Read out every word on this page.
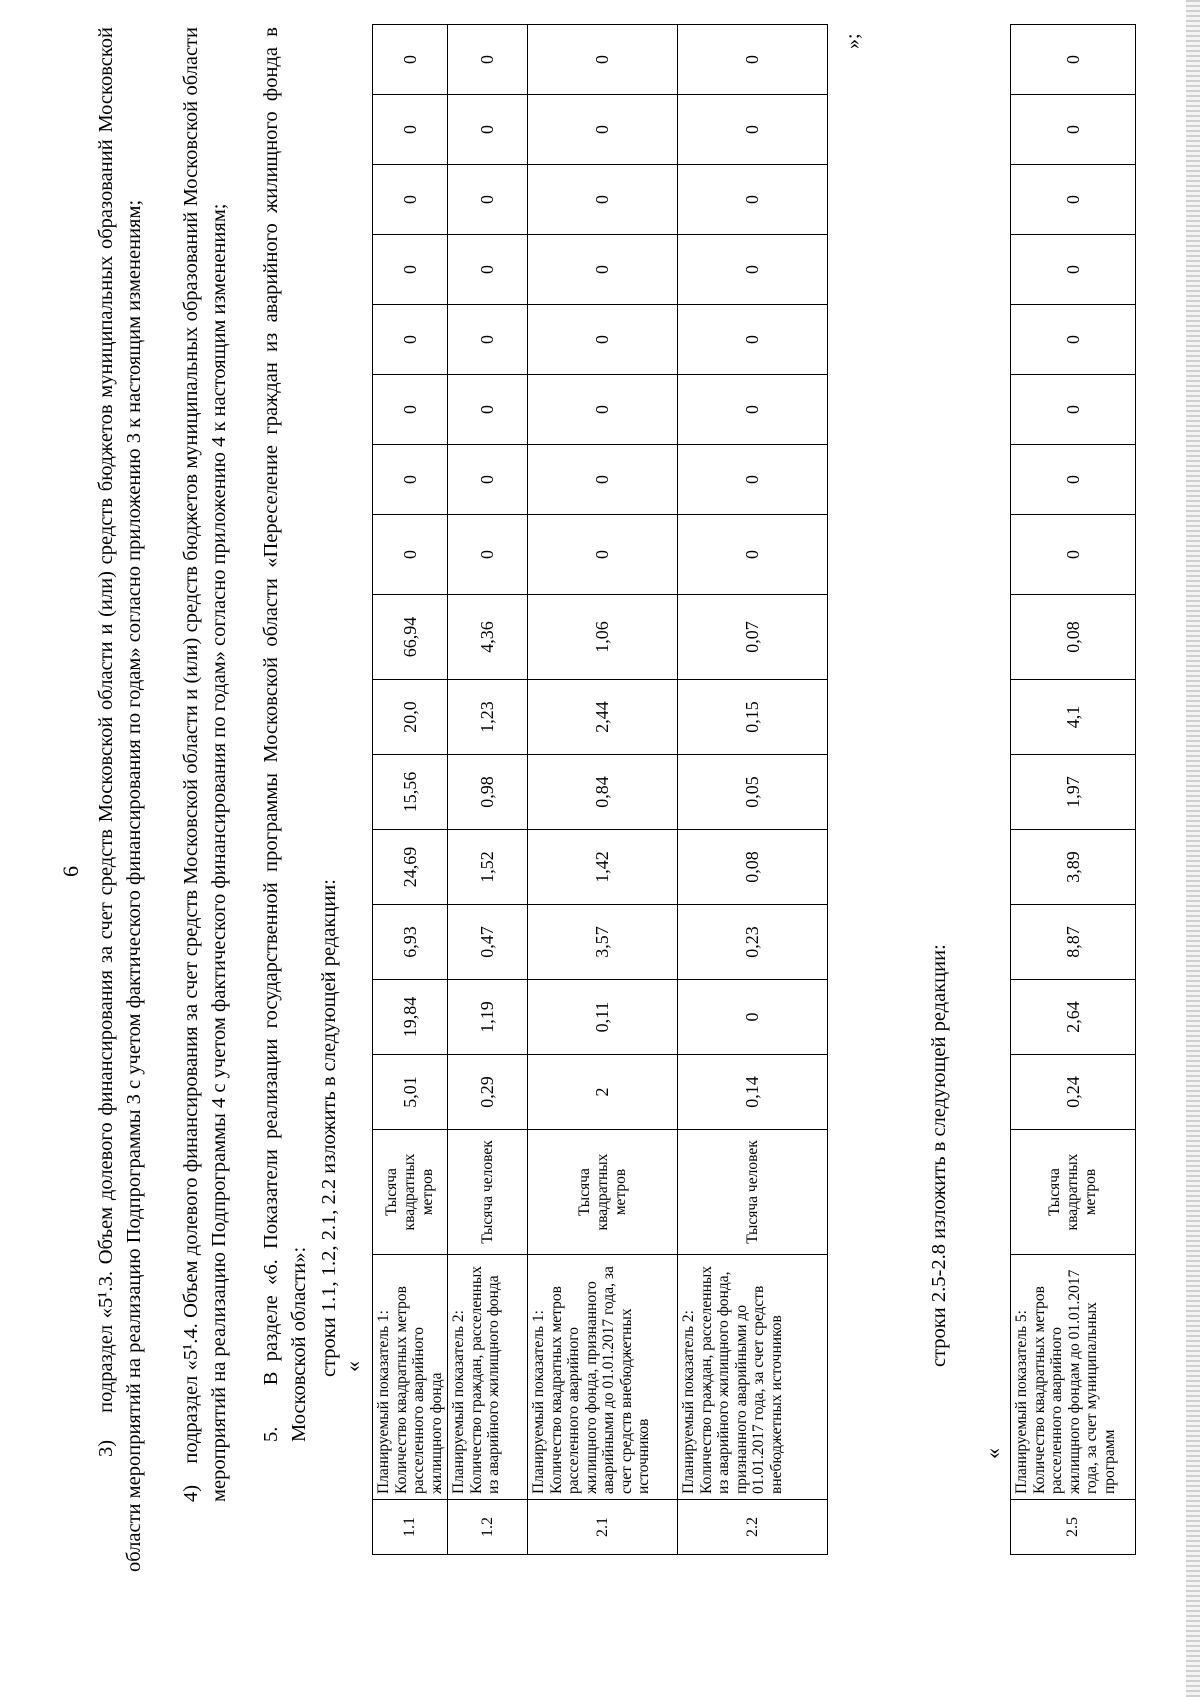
6 3)    подраздел «5¹.3. Объем долевого финансирования за счет средств Московской области и (или) средств бюджетов муниципальных образований Московской области мероприятий на реализацию Подпрограммы 3 с учетом фактического финансирования по годам» согласно приложению 3 к настоящим изменениям; 4)    подраздел «5¹.4. Объем долевого финансирования за счет средств Московской области и (или) средств бюджетов муниципальных образований Московской области мероприятий на реализацию Подпрограммы 4 с учетом фактического финансирования по годам» согласно приложению 4 к настоящим изменениям; 5.    В разделе «6. Показатели реализации государственной программы Московской области «Переселение граждан из аварийного жилищного фонда в Московской области»: строки 1.1, 1.2, 2.1, 2.2 изложить в следующей редакции: «
1.1	Планируемый показатель 1: Количество квадратных метров расселенного аварийного жилищного фонда	Тысяча квадратных метров	5,01	19,84	6,93	24,69	15,56	20,0	66,94	0	0	0	0	0	0	0	0
1.2	Планируемый показатель 2: Количество граждан, расселенных из аварийного жилищного фонда	Тысяча человек	0,29	1,19	0,47	1,52	0,98	1,23	4,36	0	0	0	0	0	0	0	0
2.1	Планируемый показатель 1: Количество квадратных метров расселенного аварийного жилищного фонда, признанного аварийными до 01.01.2017 года, за счет средств внебюджетных источников	Тысяча квадратных метров	2	0,11	3,57	1,42	0,84	2,44	1,06	0	0	0	0	0	0	0	0
2.2	Планируемый показатель 2: Количество граждан, расселенных из аварийного жилищного фонда, признанного аварийными до 01.01.2017 года, за счет средств внебюджетных источников	Тысяча человек	0,14	0	0,23	0,08	0,05	0,15	0,07	0	0	0	0	0	0	0	0
»;
строки 2.5-2.8 изложить в следующей редакции:
«
2.5	Планируемый показатель 5: Количество квадратных метров расселенного аварийного жилищного фондам до 01.01.2017 года, за счет муниципальных программ	Тысяча квадратных метров	0,24	2,64	8,87	3,89	1,97	4,1	0,08	0	0	0	0	0	0	0	0
